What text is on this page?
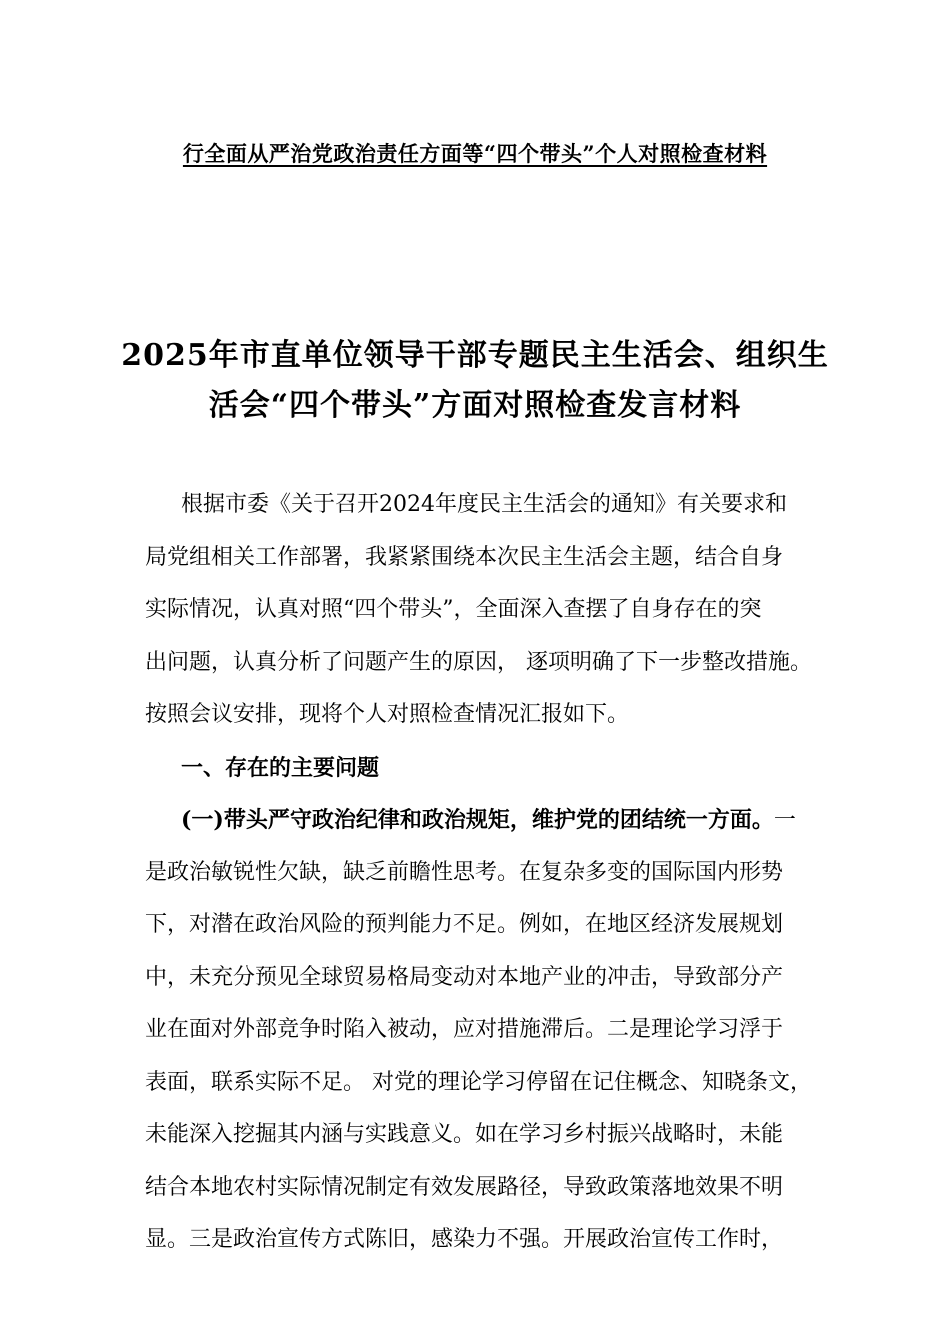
行全面从严治党政治责任方面等“四个带头”个人对照检查材料
2025年市直单位领导干部专题民主生活会、组织生
活会“四个带头”方面对照检查发言材料
根据市委《关于召开2024年度民主生活会的通知》有关要求和
局党组相关工作部署，我紧紧围绕本次民主生活会主题，结合自身
实际情况，认真对照“四个带头”，全面深入查摆了自身存在的突
出问题，认真分析了问题产生的原因， 逐项明确了下一步整改措施。
按照会议安排，现将个人对照检查情况汇报如下。
一、存在的主要问题
(一)带头严守政治纪律和政治规矩，维护党的团结统一方面。一
是政治敏锐性欠缺，缺乏前瞻性思考。在复杂多变的国际国内形势
下，对潜在政治风险的预判能力不足。例如，在地区经济发展规划
中，未充分预见全球贸易格局变动对本地产业的冲击，导致部分产
业在面对外部竞争时陷入被动，应对措施滞后。二是理论学习浮于
表面，联系实际不足。 对党的理论学习停留在记住概念、知晓条文，
未能深入挖掘其内涵与实践意义。如在学习乡村振兴战略时，未能
结合本地农村实际情况制定有效发展路径，导致政策落地效果不明
显。三是政治宣传方式陈旧，感染力不强。开展政治宣传工作时，
